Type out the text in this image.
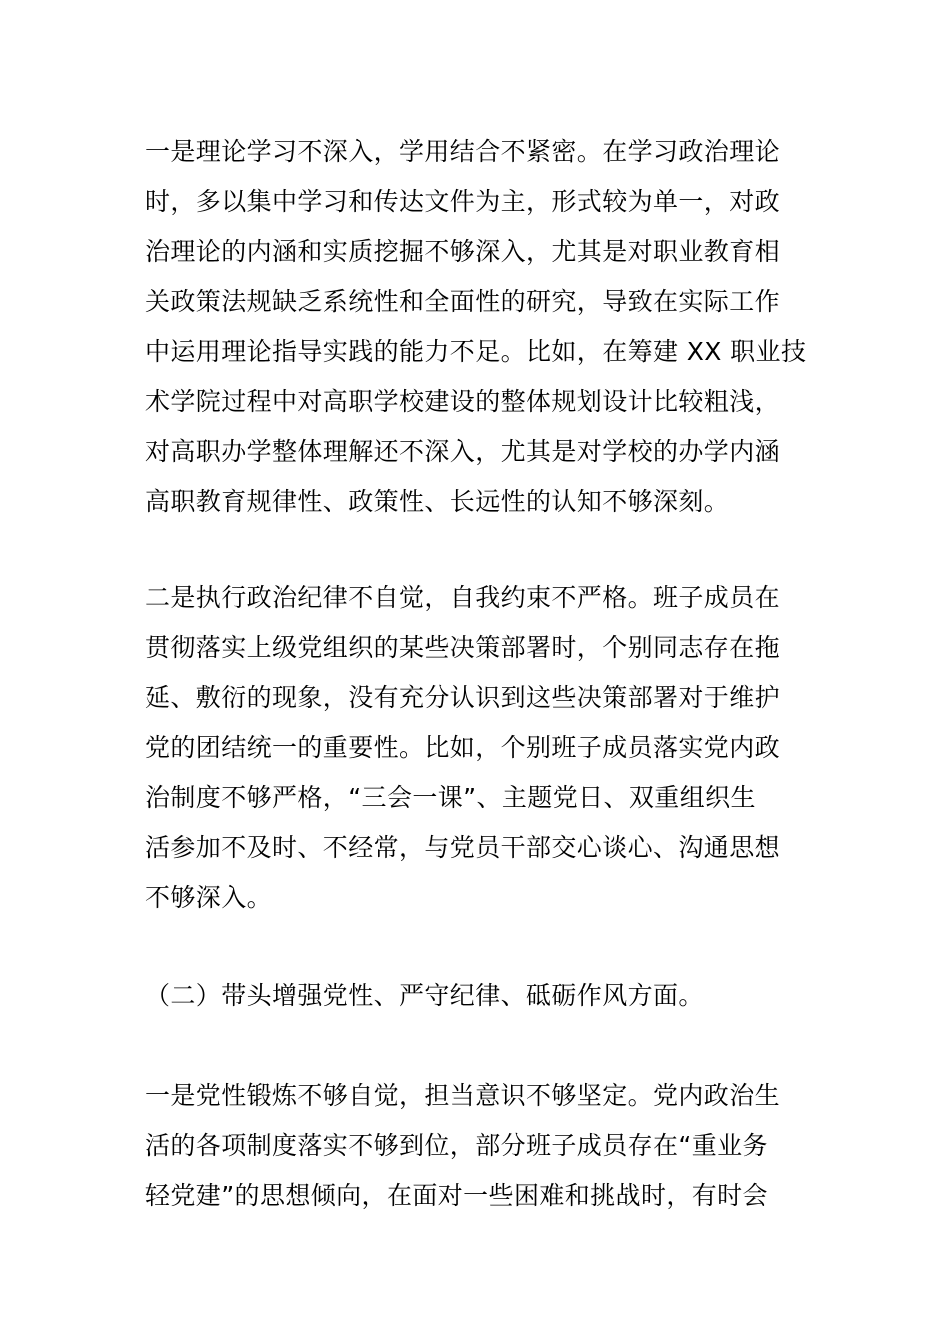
一是理论学习不深入，学用结合不紧密。在学习政治理论
时，多以集中学习和传达文件为主，形式较为单一，对政
治理论的内涵和实质挖掘不够深入，尤其是对职业教育相
关政策法规缺乏系统性和全面性的研究，导致在实际工作
中运用理论指导实践的能力不足。比如，在筹建 XX 职业技
术学院过程中对高职学校建设的整体规划设计比较粗浅，
对高职办学整体理解还不深入，尤其是对学校的办学内涵
高职教育规律性、政策性、长远性的认知不够深刻。
二是执行政治纪律不自觉，自我约束不严格。班子成员在
贯彻落实上级党组织的某些决策部署时，个别同志存在拖
延、敷衍的现象，没有充分认识到这些决策部署对于维护
党的团结统一的重要性。比如，个别班子成员落实党内政
治制度不够严格，“三会一课”、主题党日、双重组织生
活参加不及时、不经常，与党员干部交心谈心、沟通思想
不够深入。
（二）带头增强党性、严守纪律、砥砺作风方面。
一是党性锻炼不够自觉，担当意识不够坚定。党内政治生
活的各项制度落实不够到位，部分班子成员存在“重业务
轻党建”的思想倾向，在面对一些困难和挑战时，有时会
